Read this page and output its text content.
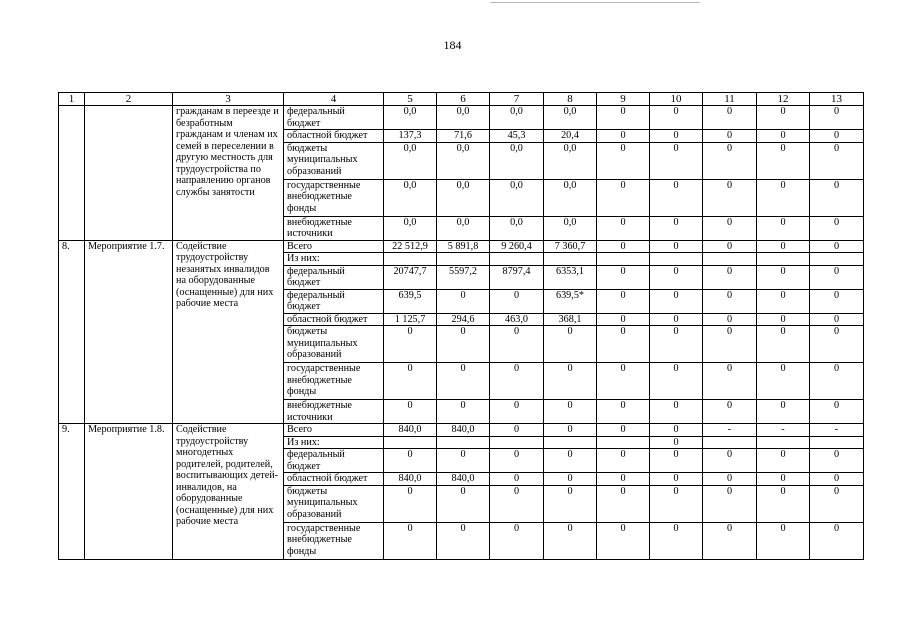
184
1	2	3	4	5	6	7	8	9	10	11	12	13
		гражданам в переезде и безработным гражданам и членам их семей в переселении в другую местность для трудоустройства по направлению органов службы занятости	федеральный бюджет	0,0	0,0	0,0	0,0	0	0	0	0	0
			областной бюджет	137,3	71,6	45,3	20,4	0	0	0	0	0
			бюджеты муниципальных образований	0,0	0,0	0,0	0,0	0	0	0	0	0
			государственные внебюджетные фонды	0,0	0,0	0,0	0,0	0	0	0	0	0
			внебюджетные источники	0,0	0,0	0,0	0,0	0	0	0	0	0
8.	Мероприятие 1.7.	Содействие трудоустройству незанятых инвалидов на оборудованные (оснащенные) для них рабочие места	Всего	22 512,9	5 891,8	9 260,4	7 360,7	0	0	0	0	0
			Из них:									
			федеральный бюджет	20747,7	5597,2	8797,4	6353,1	0	0	0	0	0
			федеральный бюджет	639,5	0	0	639,5*	0	0	0	0	0
			областной бюджет	1 125,7	294,6	463,0	368,1	0	0	0	0	0
			бюджеты муниципальных образований	0	0	0	0	0	0	0	0	0
			государственные внебюджетные фонды	0	0	0	0	0	0	0	0	0
			внебюджетные источники	0	0	0	0	0	0	0	0	0
9.	Мероприятие 1.8.	Содействие трудоустройству многодетных родителей, родителей, воспитывающих детей-инвалидов, на оборудованные (оснащенные) для них рабочие места	Всего	840,0	840,0	0	0	0	0	-	-	-
			Из них:						0			
			федеральный бюджет	0	0	0	0	0	0	0	0	0
			областной бюджет	840,0	840,0	0	0	0	0	0	0	0
			бюджеты муниципальных образований	0	0	0	0	0	0	0	0	0
			государственные внебюджетные фонды	0	0	0	0	0	0	0	0	0
